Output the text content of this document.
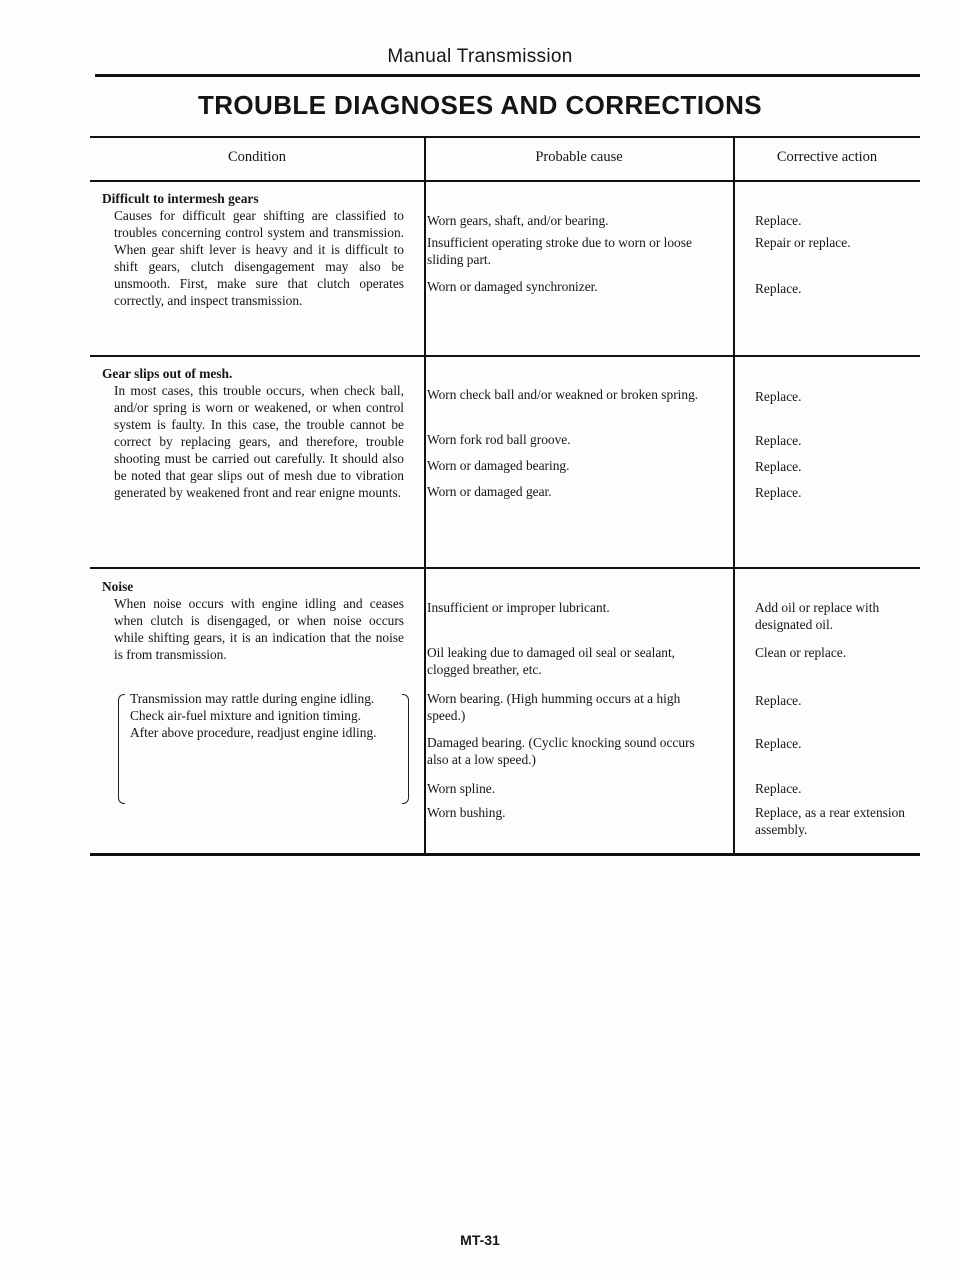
Manual Transmission
TROUBLE DIAGNOSES AND CORRECTIONS
Condition	Probable cause	Corrective action
Difficult to intermesh gears
Causes for difficult gear shifting are classified to troubles concerning control system and transmission. When gear shift lever is heavy and it is difficult to shift gears, clutch disengagement may also be unsmooth. First, make sure that clutch operates correctly, and inspect transmission.
Worn gears, shaft, and/or bearing.
Insufficient operating stroke due to worn or loose sliding part.
Worn or damaged synchronizer.
Replace.
Repair or replace.
Replace.
Gear slips out of mesh.
In most cases, this trouble occurs, when check ball, and/or spring is worn or weakened, or when control system is faulty. In this case, the trouble cannot be correct by replacing gears, and therefore, trouble shooting must be carried out carefully. It should also be noted that gear slips out of mesh due to vibration generated by weakened front and rear enigne mounts.
Worn check ball and/or weakned or broken spring.
Worn fork rod ball groove.
Worn or damaged bearing.
Worn or damaged gear.
Replace.
Replace.
Replace.
Replace.
Noise
When noise occurs with engine idling and ceases when clutch is disengaged, or when noise occurs while shifting gears, it is an indication that the noise is from transmission.

Transmission may rattle during engine idling.

Check air-fuel mixture and ignition timing.

After above procedure, readjust engine idling.

Insufficient or improper lubricant.
Oil leaking due to damaged oil seal or sealant, clogged breather, etc.
Worn bearing. (High humming occurs at a high speed.)
Damaged bearing. (Cyclic knocking sound occurs also at a low speed.)
Worn spline.
Worn bushing.
Add oil or replace with designated oil.
Clean or replace.
Replace.
Replace.
Replace.
Replace, as a rear extension assembly.
MT-31
